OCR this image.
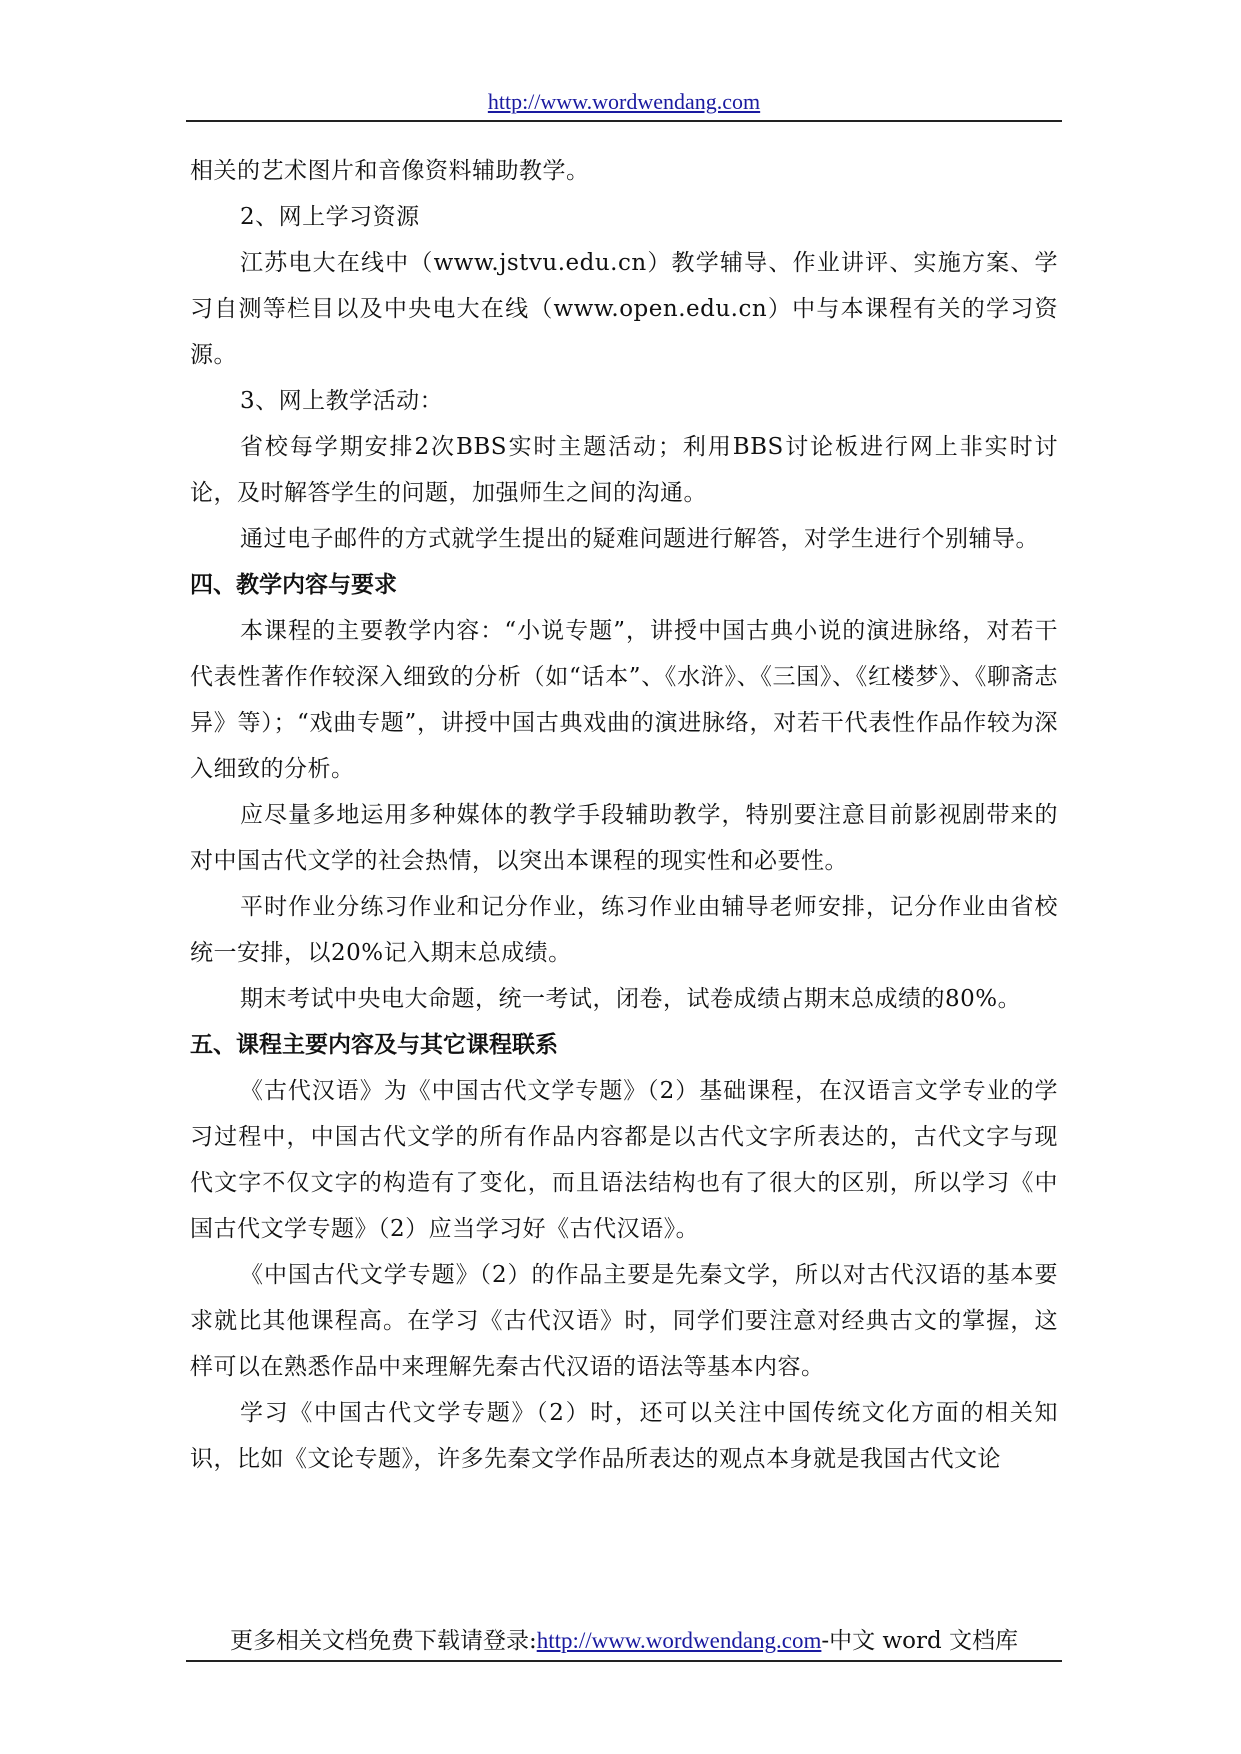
http://www.wordwendang.com

相关的艺术图片和音像资料辅助教学。

2、网上学习资源

江苏电大在线中（www.jstvu.edu.cn）教学辅导、作业讲评、实施方案、学习自测等栏目以及中央电大在线（www.open.edu.cn）中与本课程有关的学习资源。

3、网上教学活动：

省校每学期安排2次BBS实时主题活动；利用BBS讨论板进行网上非实时讨论，及时解答学生的问题，加强师生之间的沟通。

通过电子邮件的方式就学生提出的疑难问题进行解答，对学生进行个别辅导。

四、教学内容与要求

本课程的主要教学内容：“小说专题”，讲授中国古典小说的演进脉络，对若干代表性著作作较深入细致的分析（如“话本”、《水浒》、《三国》、《红楼梦》、《聊斋志异》等）；“戏曲专题”，讲授中国古典戏曲的演进脉络，对若干代表性作品作较为深入细致的分析。

应尽量多地运用多种媒体的教学手段辅助教学，特别要注意目前影视剧带来的对中国古代文学的社会热情，以突出本课程的现实性和必要性。

平时作业分练习作业和记分作业，练习作业由辅导老师安排，记分作业由省校统一安排，以20%记入期末总成绩。

期末考试中央电大命题，统一考试，闭卷，试卷成绩占期末总成绩的80%。

五、课程主要内容及与其它课程联系

《古代汉语》为《中国古代文学专题》（2）基础课程，在汉语言文学专业的学习过程中，中国古代文学的所有作品内容都是以古代文字所表达的，古代文字与现代文字不仅文字的构造有了变化，而且语法结构也有了很大的区别，所以学习《中国古代文学专题》（2）应当学习好《古代汉语》。

《中国古代文学专题》（2）的作品主要是先秦文学，所以对古代汉语的基本要求就比其他课程高。在学习《古代汉语》时，同学们要注意对经典古文的掌握，这样可以在熟悉作品中来理解先秦古代汉语的语法等基本内容。

学习《中国古代文学专题》（2）时，还可以关注中国传统文化方面的相关知识，比如《文论专题》，许多先秦文学作品所表达的观点本身就是我国古代文论

更多相关文档免费下载请登录:http://www.wordwendang.com-中文 word 文档库
